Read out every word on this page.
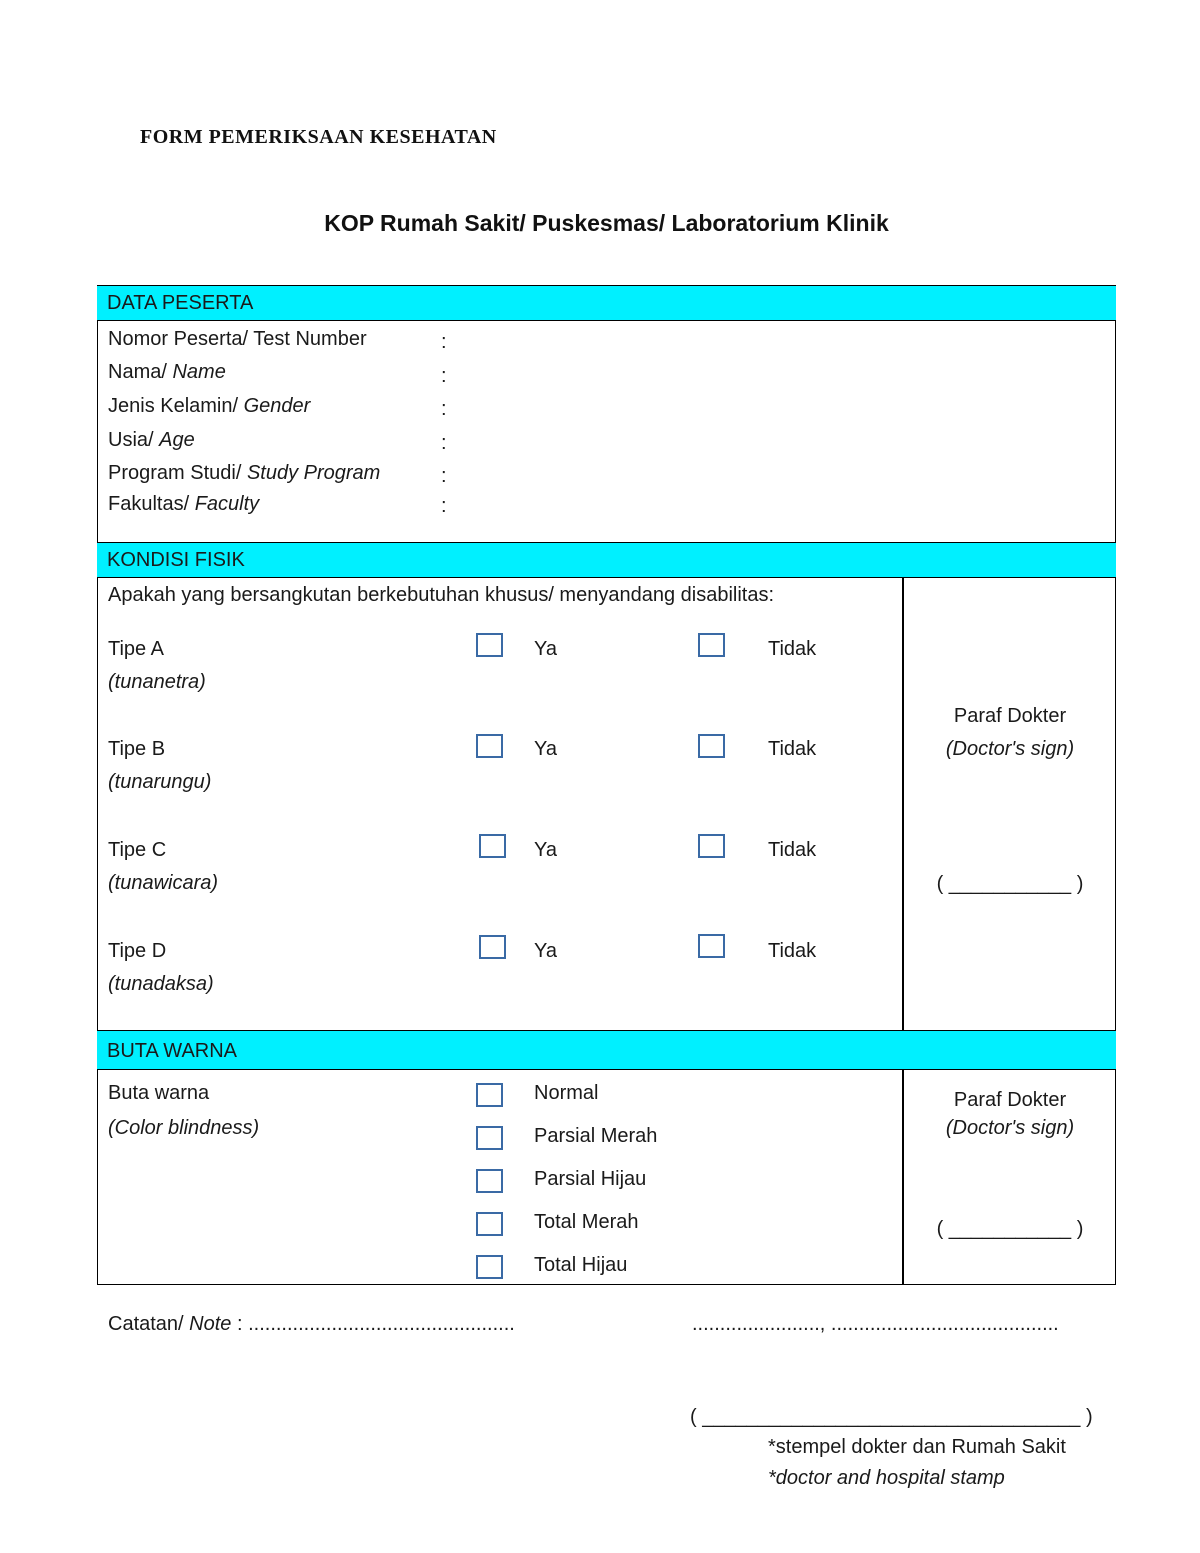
FORM PEMERIKSAAN KESEHATAN
KOP Rumah Sakit/ Puskesmas/ Laboratorium Klinik
DATA PESERTA
Nomor Peserta/ Test Number	:
Nama/ Name	:
Jenis Kelamin/ Gender	:
Usia/ Age	:
Program Studi/ Study Program	:
Fakultas/ Faculty	:
KONDISI FISIK
Apakah yang bersangkutan berkebutuhan khusus/ menyandang disabilitas:
Tipe A
(tunanetra)
Ya	Tidak
Tipe B
(tunarungu)
Ya	Tidak
Tipe C
(tunawicara)
Ya	Tidak
Tipe D
(tunadaksa)
Ya	Tidak
Paraf Dokter
(Doctor's sign)
( ___________ )
BUTA WARNA
Buta warna
(Color blindness)
Normal
Parsial Merah
Parsial Hijau
Total Merah
Total Hijau
Paraf Dokter
(Doctor's sign)
( ___________ )
Catatan/ Note : ................................................	......................., .........................................
( __________________________________ )
*stempel dokter dan Rumah Sakit
*doctor and hospital stamp
